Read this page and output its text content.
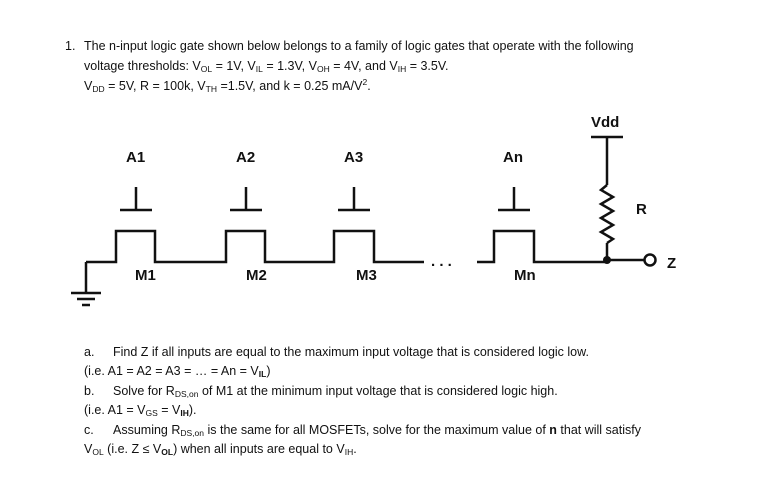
1. The n-input logic gate shown below belongs to a family of logic gates that operate with the following
voltage thresholds: $V_{OL} = 1V$, $V_{IL} = 1.3V$, $V_{OH} = 4V$, and $V_{IH} = 3.5V$.
$V_{DD} = 5V$, R = 100k, $V_{TH} =1.5V$, and k = 0.25 $mA/V^2$.
Vdd
R
Z
. . .
A1	A2	A3	An
M1	M2	M3	Mn
a. Find Z if all inputs are equal to the maximum input voltage that is considered logic low.
(i.e. A1 = A2 = A3 = … = $An = V_{IL}$)
b. Solve for $R_{DS,on}$ of M1 at the minimum input voltage that is considered logic high.
(i.e. $A1 = V_{GS} = V_{IH}$).
c. Assuming $R_{DS,on}$ is the same for all MOSFETs, solve for the maximum value of n that will satisfy
$V_{OL}$ (i.e. $Z \le V_{OL}$) when all inputs are equal to $V_{IH}$.
